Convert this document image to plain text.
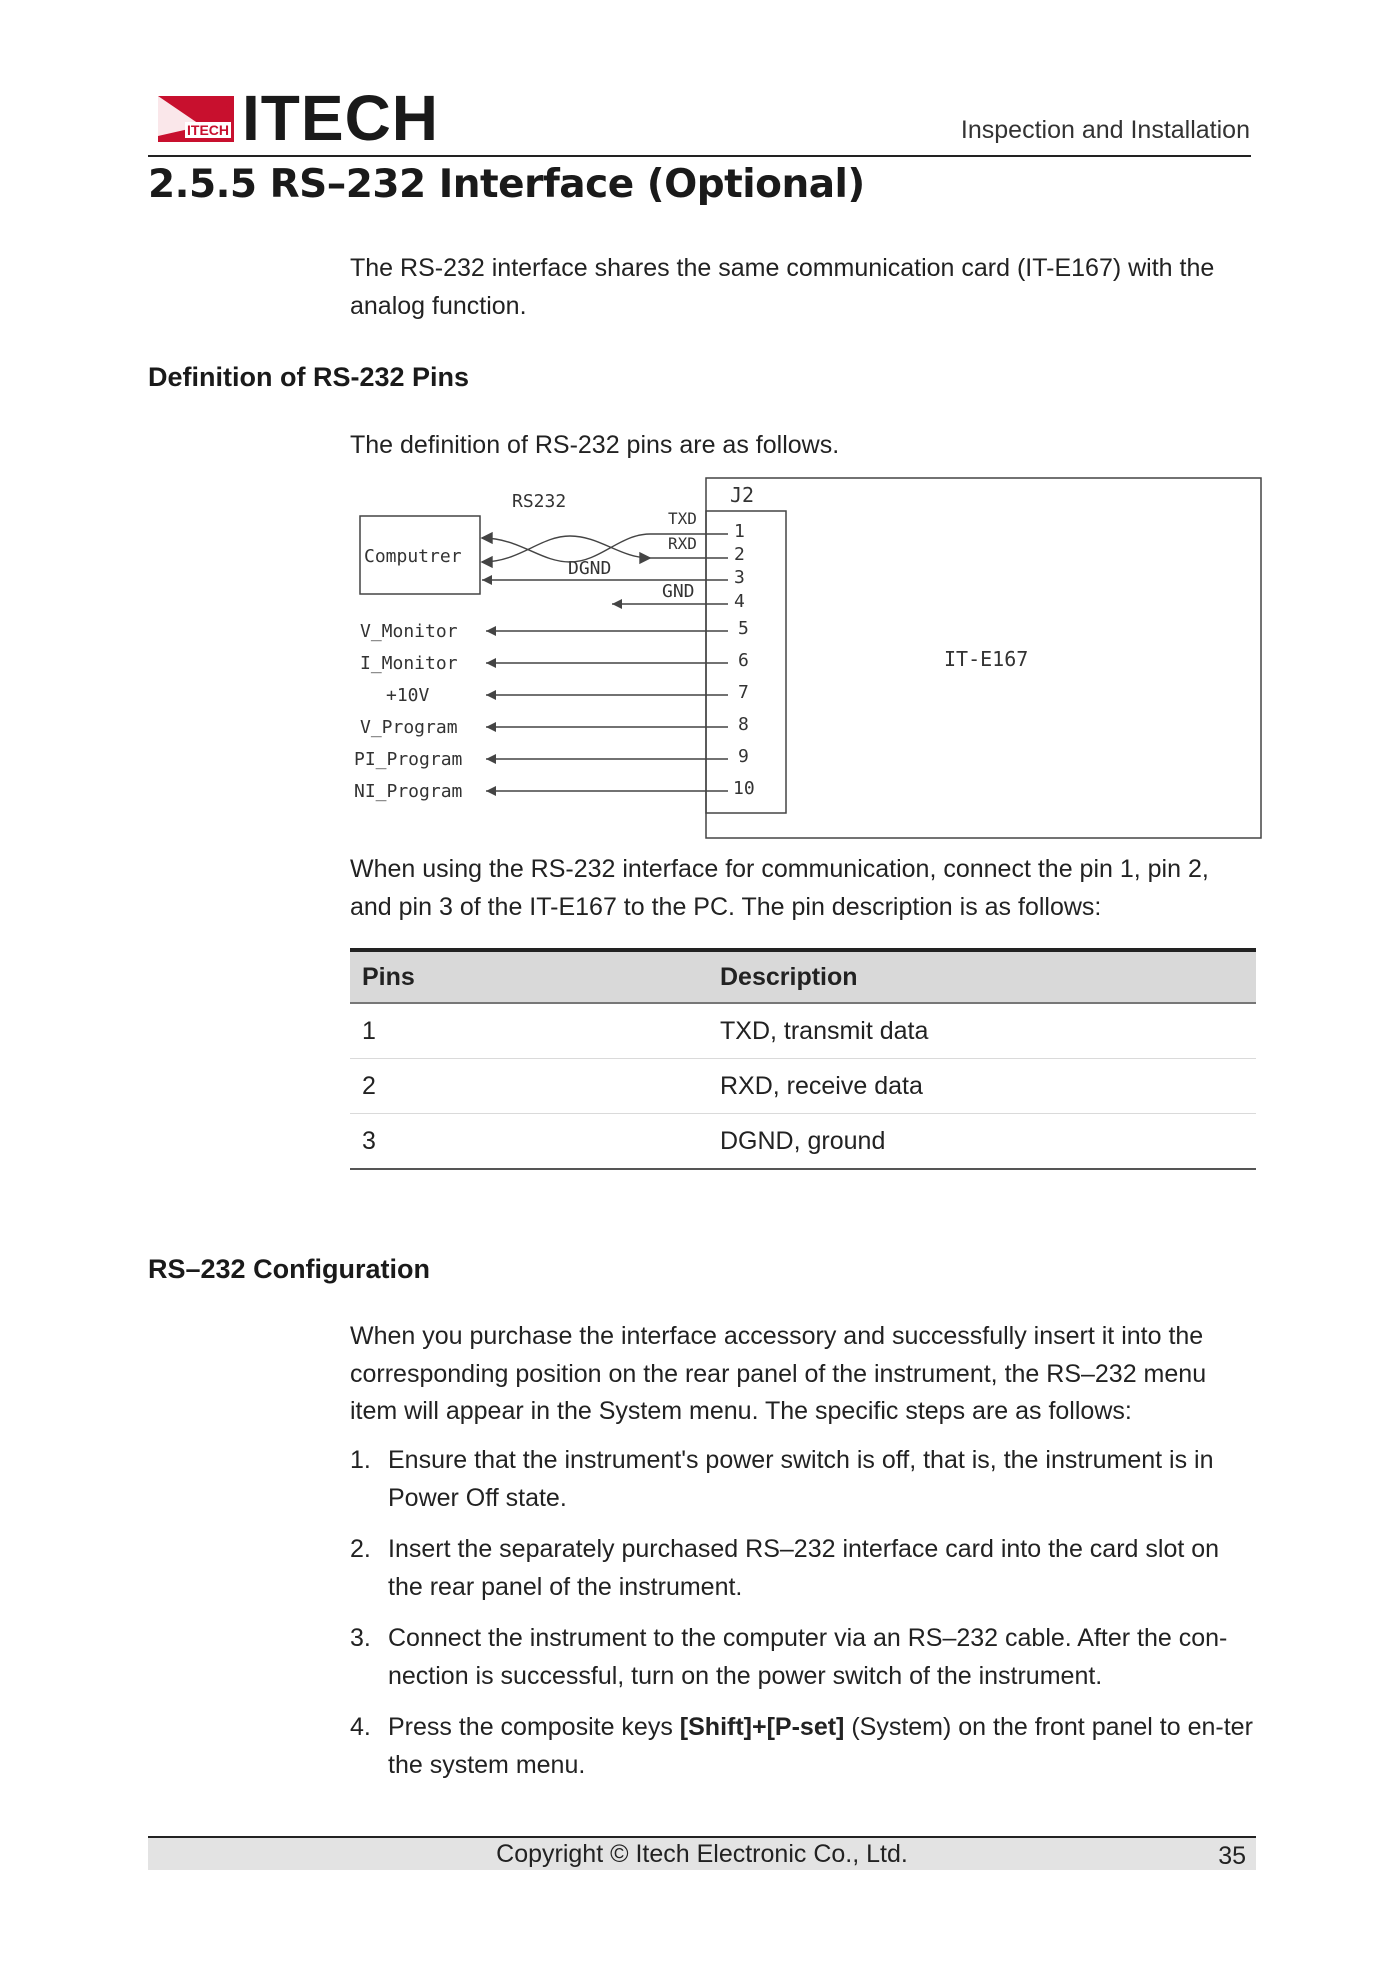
ITECH ITECH	Inspection and Installation
2.5.5 RS–232 Interface (Optional)
The RS-232 interface shares the same communication card (IT-E167) with the analog function.
Definition of RS-232 Pins
The definition of RS-232 pins are as follows.
J2
IT-E167
1
2
3
4
5
6
7
8
9
10
Computrer
RS232
DGND
TXD
RXD
GND
V_Monitor
I_Monitor
+10V
V_Program
PI_Program
NI_Program
When using the RS-232 interface for communication, connect the pin 1, pin 2, and pin 3 of the IT-E167 to the PC. The pin description is as follows:
Pins	Description
1	TXD, transmit data
2	RXD, receive data
3	DGND, ground
RS–232 Configuration
When you purchase the interface accessory and successfully insert it into the corresponding position on the rear panel of the instrument, the RS–232 menu item will appear in the System menu. The specific steps are as follows:
1. Ensure that the instrument's power switch is off, that is, the instrument is in Power Off state.
2. Insert the separately purchased RS–232 interface card into the card slot on the rear panel of the instrument.
3. Connect the instrument to the computer via an RS–232 cable. After the con-nection is successful, turn on the power switch of the instrument.
4. Press the composite keys [Shift]+[P-set] (System) on the front panel to en-ter the system menu.
Copyright © Itech Electronic Co., Ltd.	35
